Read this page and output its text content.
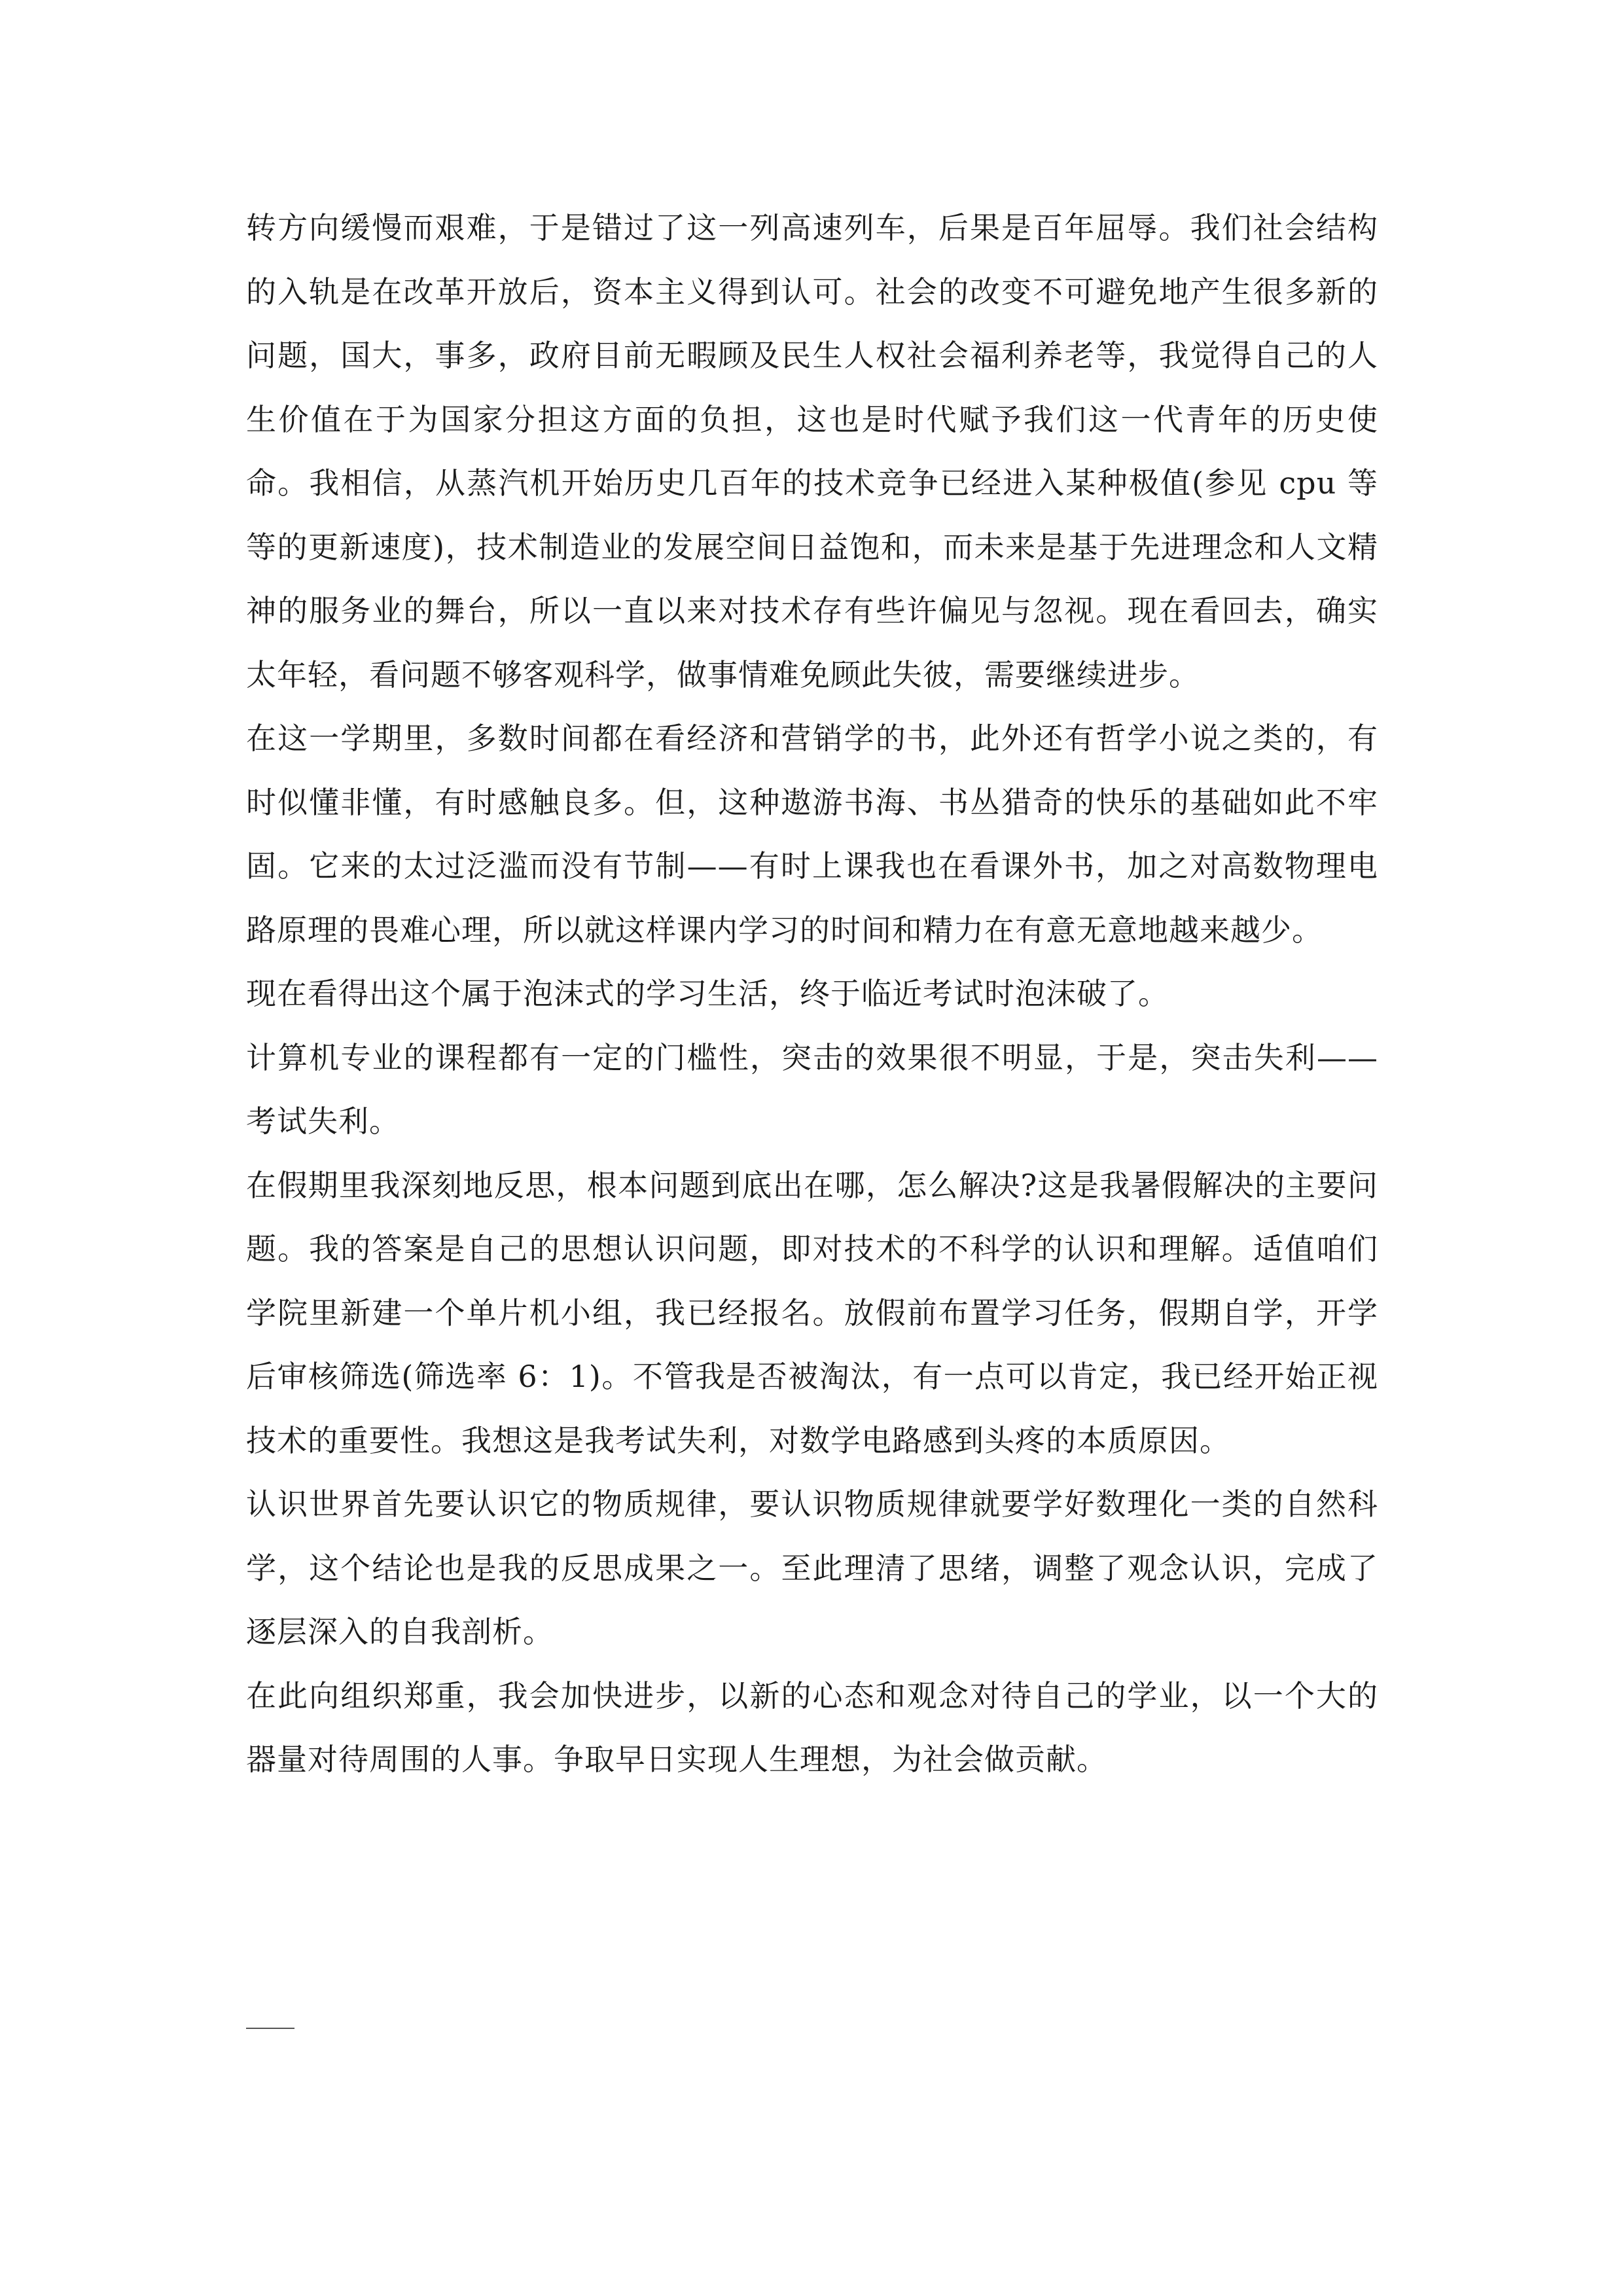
转方向缓慢而艰难，于是错过了这一列高速列车，后果是百年屈辱。我们社会结构的入轨是在改革开放后，资本主义得到认可。社会的改变不可避免地产生很多新的问题，国大，事多，政府目前无暇顾及民生人权社会福利养老等，我觉得自己的人生价值在于为国家分担这方面的负担，这也是时代赋予我们这一代青年的历史使命。我相信，从蒸汽机开始历史几百年的技术竞争已经进入某种极值(参见 cpu 等等的更新速度)，技术制造业的发展空间日益饱和，而未来是基于先进理念和人文精神的服务业的舞台，所以一直以来对技术存有些许偏见与忽视。现在看回去，确实太年轻，看问题不够客观科学，做事情难免顾此失彼，需要继续进步。

在这一学期里，多数时间都在看经济和营销学的书，此外还有哲学小说之类的，有时似懂非懂，有时感触良多。但，这种遨游书海、书丛猎奇的快乐的基础如此不牢固。它来的太过泛滥而没有节制——有时上课我也在看课外书，加之对高数物理电路原理的畏难心理，所以就这样课内学习的时间和精力在有意无意地越来越少。

现在看得出这个属于泡沫式的学习生活，终于临近考试时泡沫破了。

计算机专业的课程都有一定的门槛性，突击的效果很不明显，于是，突击失利——考试失利。

在假期里我深刻地反思，根本问题到底出在哪，怎么解决?这是我暑假解决的主要问题。我的答案是自己的思想认识问题，即对技术的不科学的认识和理解。适值咱们学院里新建一个单片机小组，我已经报名。放假前布置学习任务，假期自学，开学后审核筛选(筛选率 6：1)。不管我是否被淘汰，有一点可以肯定，我已经开始正视技术的重要性。我想这是我考试失利，对数学电路感到头疼的本质原因。

认识世界首先要认识它的物质规律，要认识物质规律就要学好数理化一类的自然科学，这个结论也是我的反思成果之一。至此理清了思绪，调整了观念认识，完成了逐层深入的自我剖析。

在此向组织郑重，我会加快进步，以新的心态和观念对待自己的学业，以一个大的器量对待周围的人事。争取早日实现人生理想，为社会做贡献。
